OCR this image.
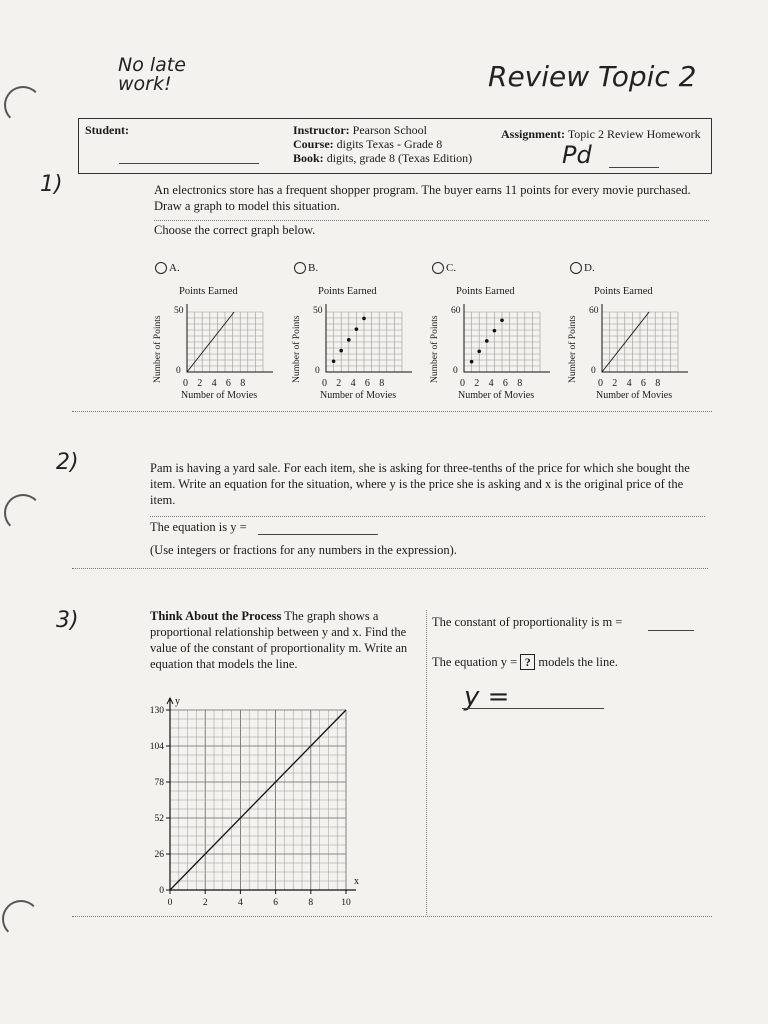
No late work!	Review Topic 2
Student:	Instructor: Pearson School
Course: digits Texas - Grade 8
Book: digits, grade 8 (Texas Edition)
Assignment: Topic 2 Review Homework
Pd
1)	An electronics store has a frequent shopper program. The buyer earns 11 points for every movie purchased. Draw a graph to model this situation.
Choose the correct graph below.
A.
Points Earned
Number of Points
Number of Movies
50
0
0 2 4 6 8
B.
Points Earned
Number of Points
Number of Movies
50
0
0 2 4 6 8
C.
Points Earned
Number of Points
Number of Movies
60
0
0 2 4 6 8
D.
Points Earned
Number of Points
Number of Movies
60
0
0 2 4 6 8
2)	Pam is having a yard sale. For each item, she is asking for three-tenths of the price for which she bought the item. Write an equation for the situation, where y is the price she is asking and x is the original price of the item.
The equation is y =
(Use integers or fractions for any numbers in the expression).
3)	Think About the Process The graph shows a proportional relationship between y and x. Find the value of the constant of proportionality m. Write an equation that models the line.
The constant of proportionality is m =
The equation y = ? models the line.
y =
0
26
52
78
104
130
0	2	4	6	8	10
x
y
